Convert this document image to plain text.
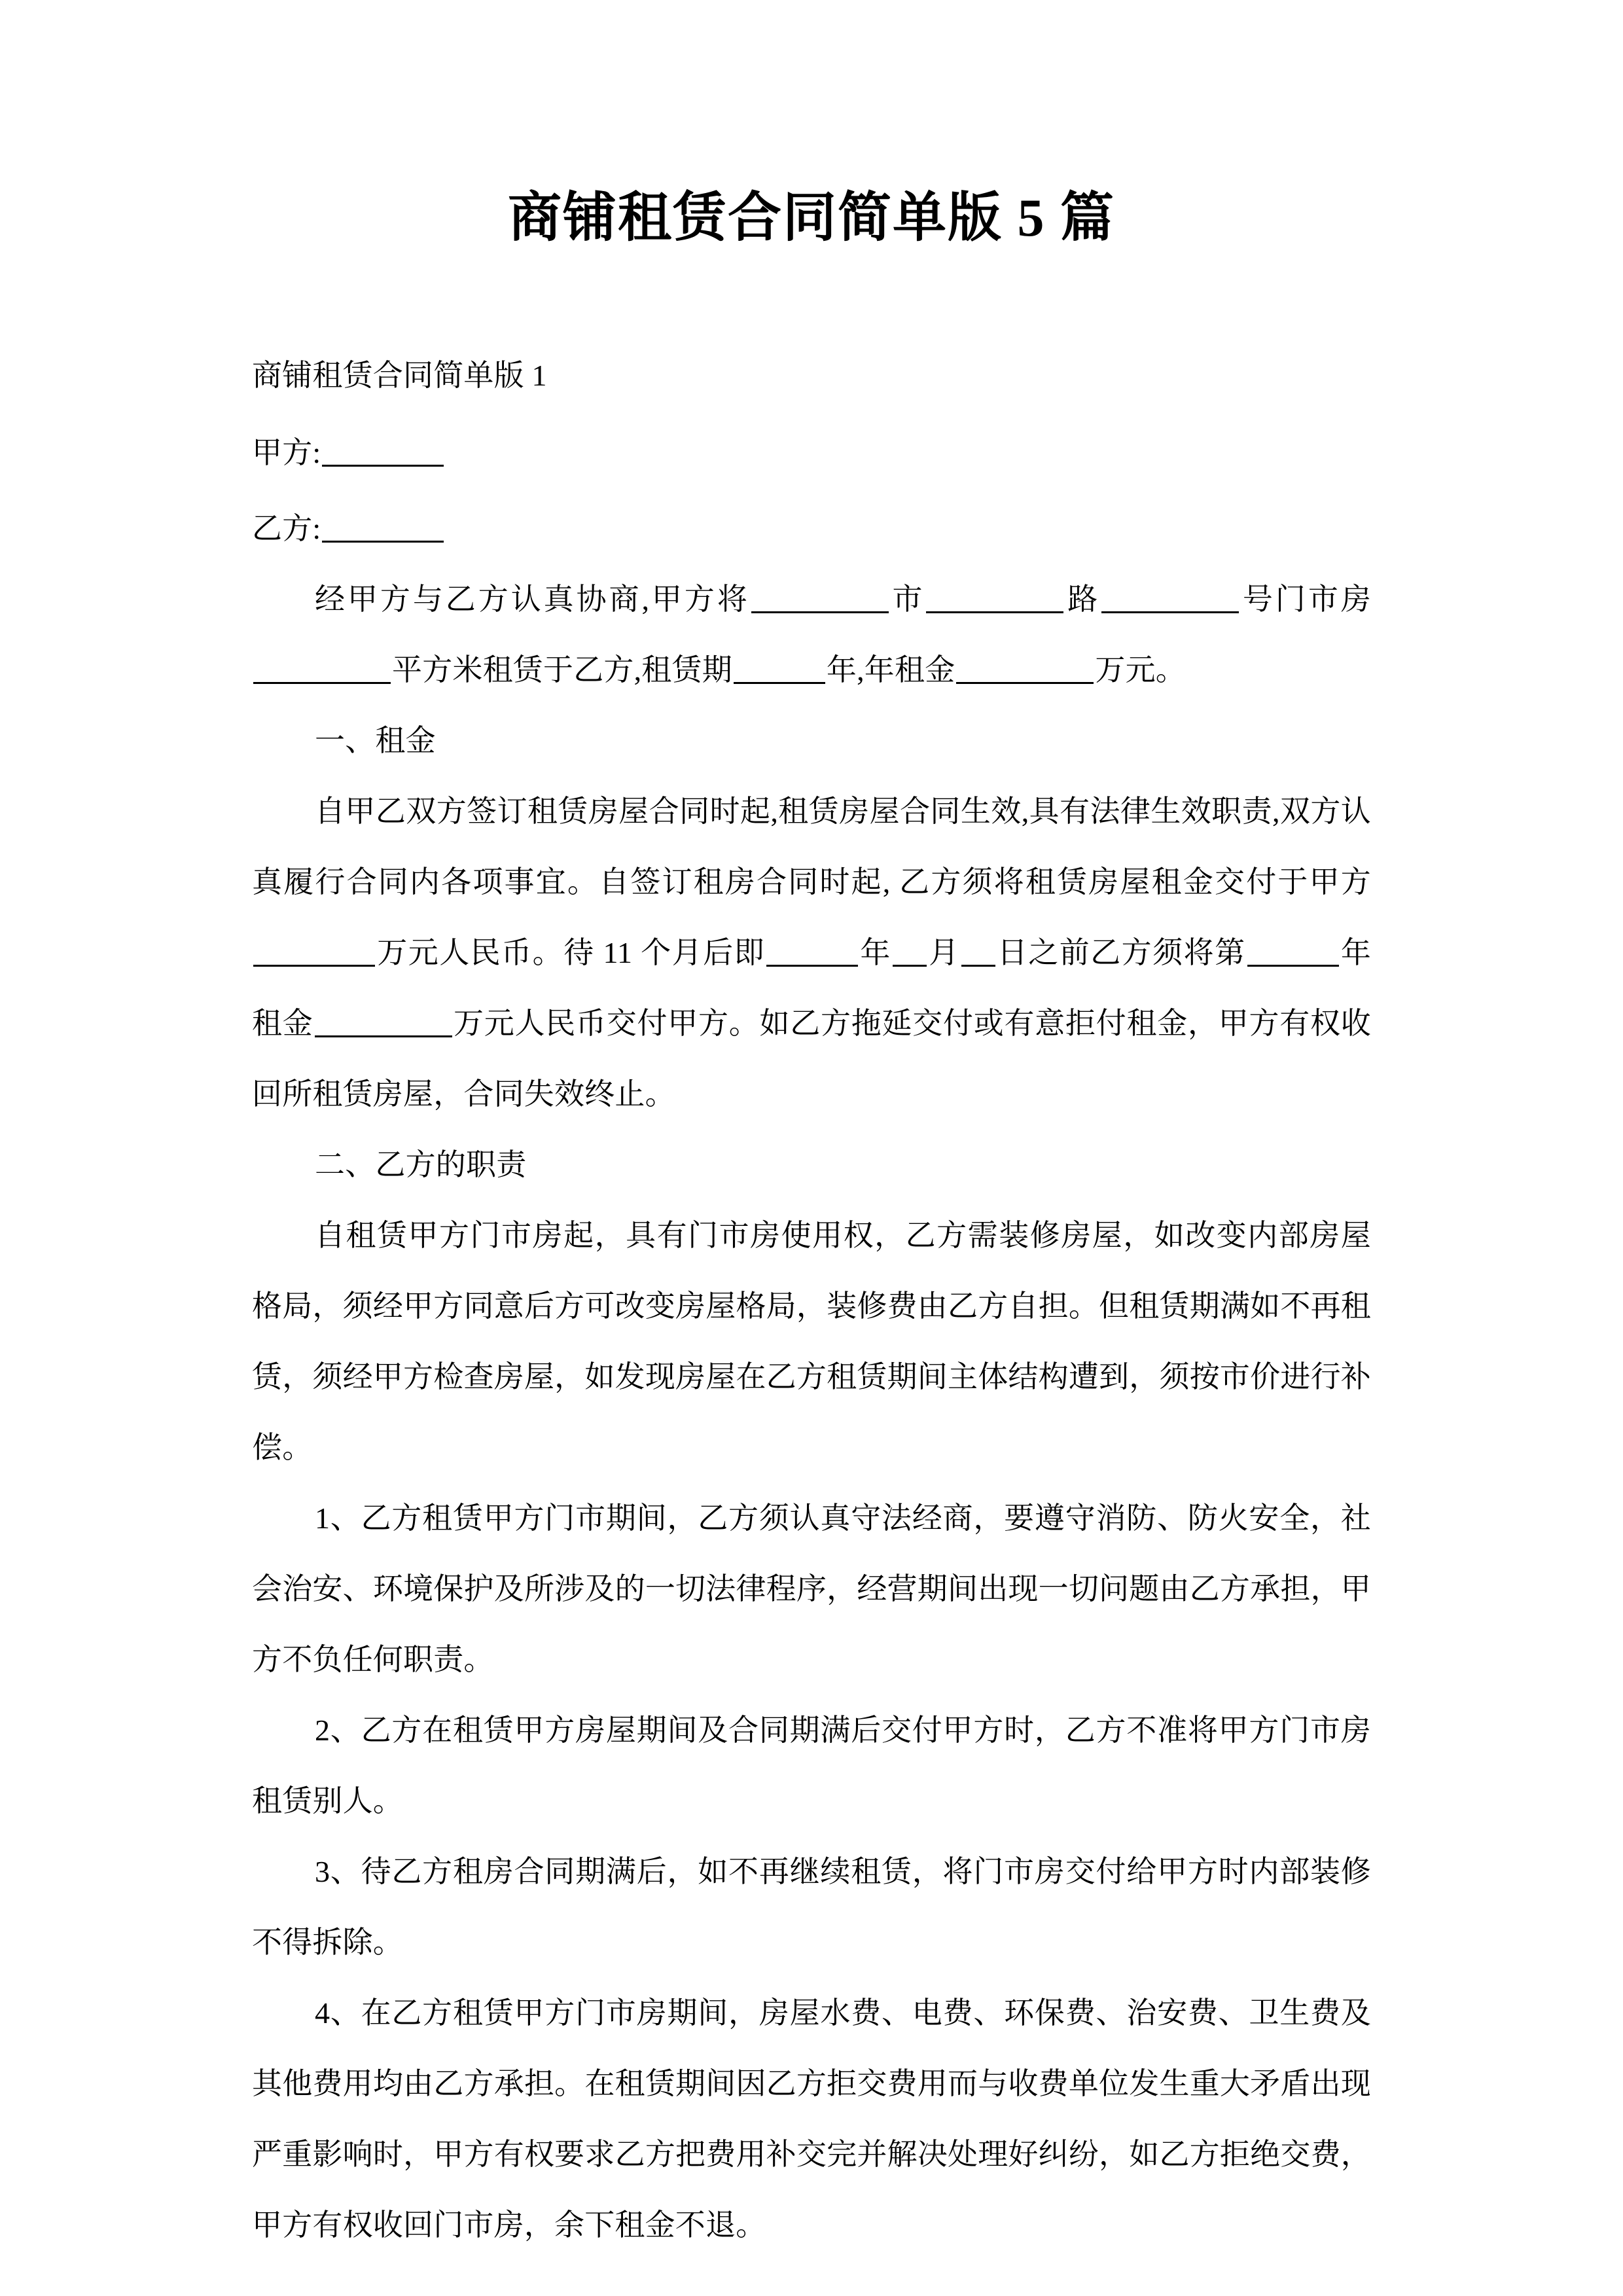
商铺租赁合同简单版 5 篇

商铺租赁合同简单版 1

甲方:

乙方:

经甲方与乙方认真协商,甲方将	市	路	号门市房平方米租赁于乙方,租赁期	年,年租金	万元。

一、租金

自甲乙双方签订租赁房屋合同时起,租赁房屋合同生效,具有法律生效职责,双方认真履行合同内各项事宜。自签订租房合同时起, 乙方须将租赁房屋租金交付于甲方万元人民币。待 11 个月后即	年 月 日之前乙方须将第	年租金	万元人民币交付甲方。如乙方拖延交付或有意拒付租金，甲方有权收回所租赁房屋，合同失效终止。

二、乙方的职责

自租赁甲方门市房起，具有门市房使用权，乙方需装修房屋，如改变内部房屋格局，须经甲方同意后方可改变房屋格局，装修费由乙方自担。但租赁期满如不再租赁，须经甲方检查房屋，如发现房屋在乙方租赁期间主体结构遭到，须按市价进行补偿。

1、乙方租赁甲方门市期间，乙方须认真守法经商，要遵守消防、防火安全，社会治安、环境保护及所涉及的一切法律程序，经营期间出现一切问题由乙方承担，甲方不负任何职责。

2、乙方在租赁甲方房屋期间及合同期满后交付甲方时，乙方不准将甲方门市房租赁别人。

3、待乙方租房合同期满后，如不再继续租赁，将门市房交付给甲方时内部装修不得拆除。

4、在乙方租赁甲方门市房期间，房屋水费、电费、环保费、治安费、卫生费及其他费用均由乙方承担。在租赁期间因乙方拒交费用而与收费单位发生重大矛盾出现严重影响时，甲方有权要求乙方把费用补交完并解决处理好纠纷，如乙方拒绝交费，甲方有权收回门市房，余下租金不退。
